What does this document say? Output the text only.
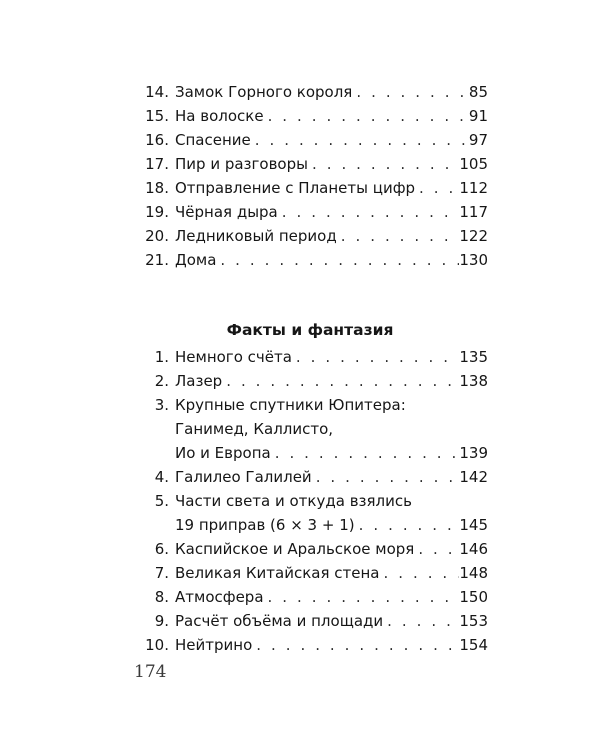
14. Замок Горного короля . . .	85
15. На волоске . . .	91
16. Спасение . . .	97
17. Пир и разговоры . . .	105
18. Отправление с Планеты цифр . . .	112
19. Чёрная дыра . . .	117
20. Ледниковый период . . .	122
21. Дома . . .	130
Факты и фантазия
1. Немного счёта . . .	135
2. Лазер . . .	138
3. Крупные спутники Юпитера:
Ганимед, Каллисто,
Ио и Европа . . .	139
4. Галилео Галилей . . .	142
5. Части света и откуда взялись
19 приправ (6 × 3 + 1) . . .	145
6. Каспийское и Аральское моря . . .	146
7. Великая Китайская стена . . .	148
8. Атмосфера . . .	150
9. Расчёт объёма и площади . . .	153
10. Нейтрино . . .	154
174
